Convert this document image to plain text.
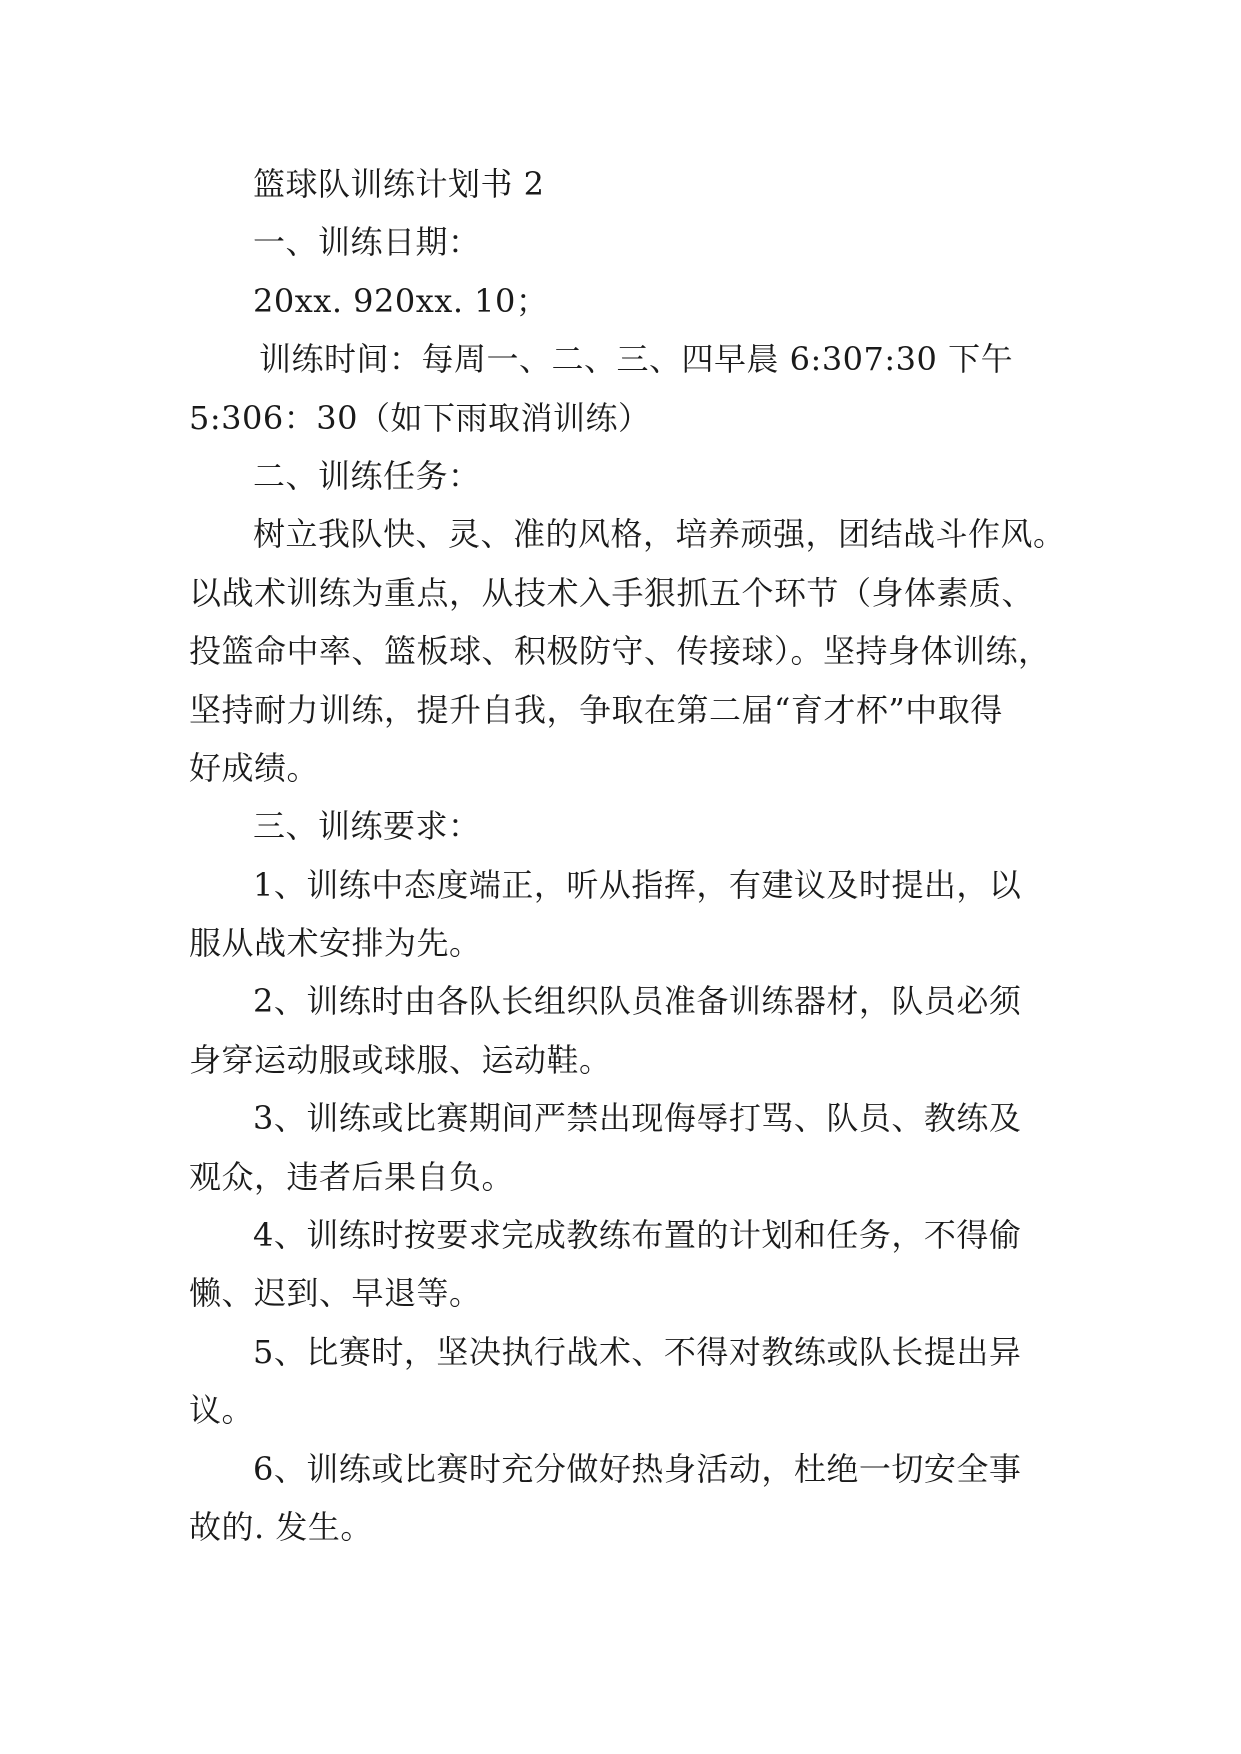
篮球队训练计划书 2
一、训练日期：
20xx. 920xx. 10；
训练时间：每周一、二、三、四早晨 6:307:30 下午
5:306：30（如下雨取消训练）
二、训练任务：
树立我队快、灵、准的风格，培养顽强，团结战斗作风。
以战术训练为重点，从技术入手狠抓五个环节（身体素质、
投篮命中率、篮板球、积极防守、传接球）。坚持身体训练，
坚持耐力训练，提升自我，争取在第二届“育才杯”中取得
好成绩。
三、训练要求：
1、训练中态度端正，听从指挥，有建议及时提出，以
服从战术安排为先。
2、训练时由各队长组织队员准备训练器材，队员必须
身穿运动服或球服、运动鞋。
3、训练或比赛期间严禁出现侮辱打骂、队员、教练及
观众，违者后果自负。
4、训练时按要求完成教练布置的计划和任务，不得偷
懒、迟到、早退等。
5、比赛时，坚决执行战术、不得对教练或队长提出异
议。
6、训练或比赛时充分做好热身活动，杜绝一切安全事
故的. 发生。
